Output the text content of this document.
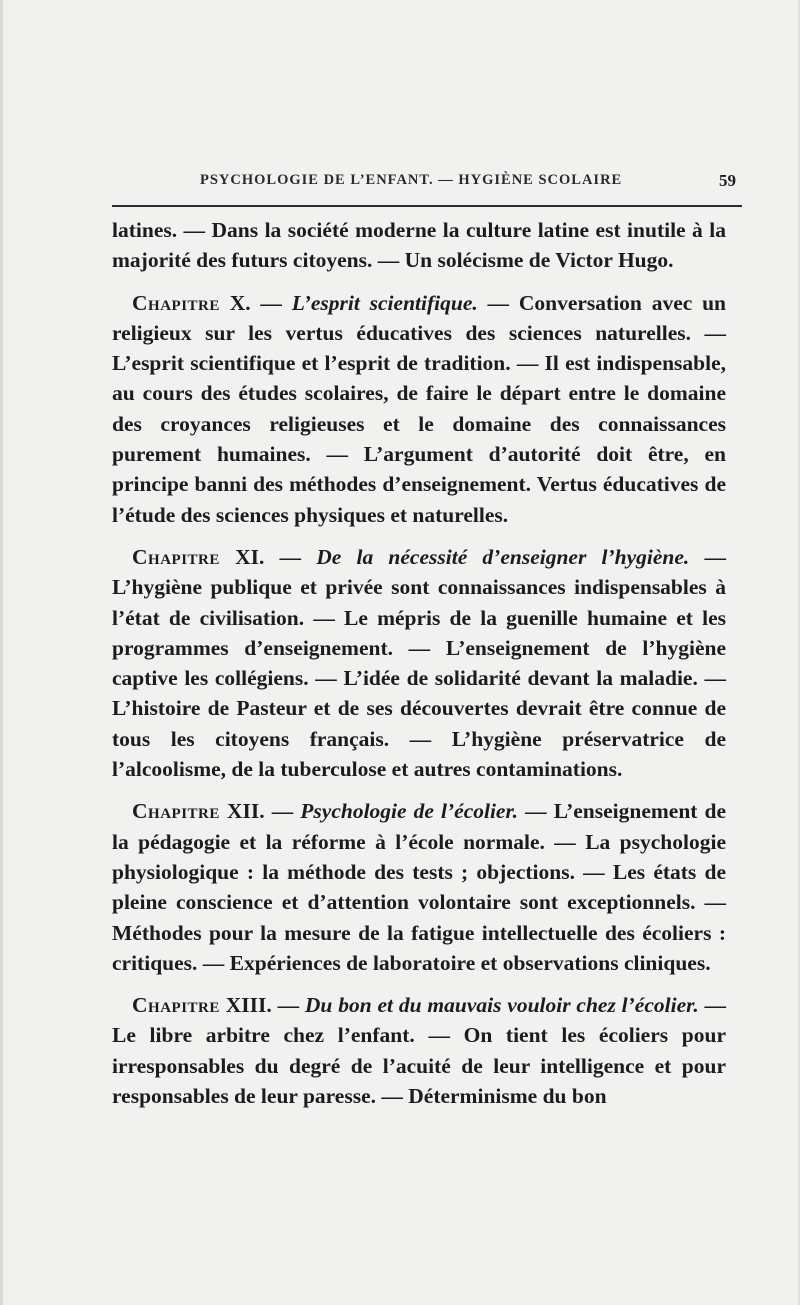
PSYCHOLOGIE DE L’ENFANT. — HYGIÈNE SCOLAIRE	59

latines. — Dans la société moderne la culture latine est inutile à la majorité des futurs citoyens. — Un solécisme de Victor Hugo.

Chapitre X. — L’esprit scientifique. — Conversation avec un religieux sur les vertus éducatives des sciences naturelles. — L’esprit scientifique et l’esprit de tradition. — Il est indispensable, au cours des études scolaires, de faire le départ entre le domaine des croyances religieuses et le domaine des connaissances purement humaines. — L’argument d’autorité doit être, en principe banni des méthodes d’enseignement. Vertus éducatives de l’étude des sciences physiques et naturelles.

Chapitre XI. — De la nécessité d’enseigner l’hygiène. — L’hygiène publique et privée sont connaissances indispensables à l’état de civilisation. — Le mépris de la guenille humaine et les programmes d’enseignement. — L’enseignement de l’hygiène captive les collégiens. — L’idée de solidarité devant la maladie. — L’histoire de Pasteur et de ses découvertes devrait être connue de tous les citoyens français. — L’hygiène préservatrice de l’alcoolisme, de la tuberculose et autres contaminations.

Chapitre XII. — Psychologie de l’écolier. — L’enseignement de la pédagogie et la réforme à l’école normale. — La psychologie physiologique : la méthode des tests ; objections. — Les états de pleine conscience et d’attention volontaire sont exceptionnels. — Méthodes pour la mesure de la fatigue intellectuelle des écoliers : critiques. — Expériences de laboratoire et observations cliniques.

Chapitre XIII. — Du bon et du mauvais vouloir chez l’écolier. — Le libre arbitre chez l’enfant. — On tient les écoliers pour irresponsables du degré de l’acuité de leur intelligence et pour responsables de leur paresse. — Déterminisme du bon
